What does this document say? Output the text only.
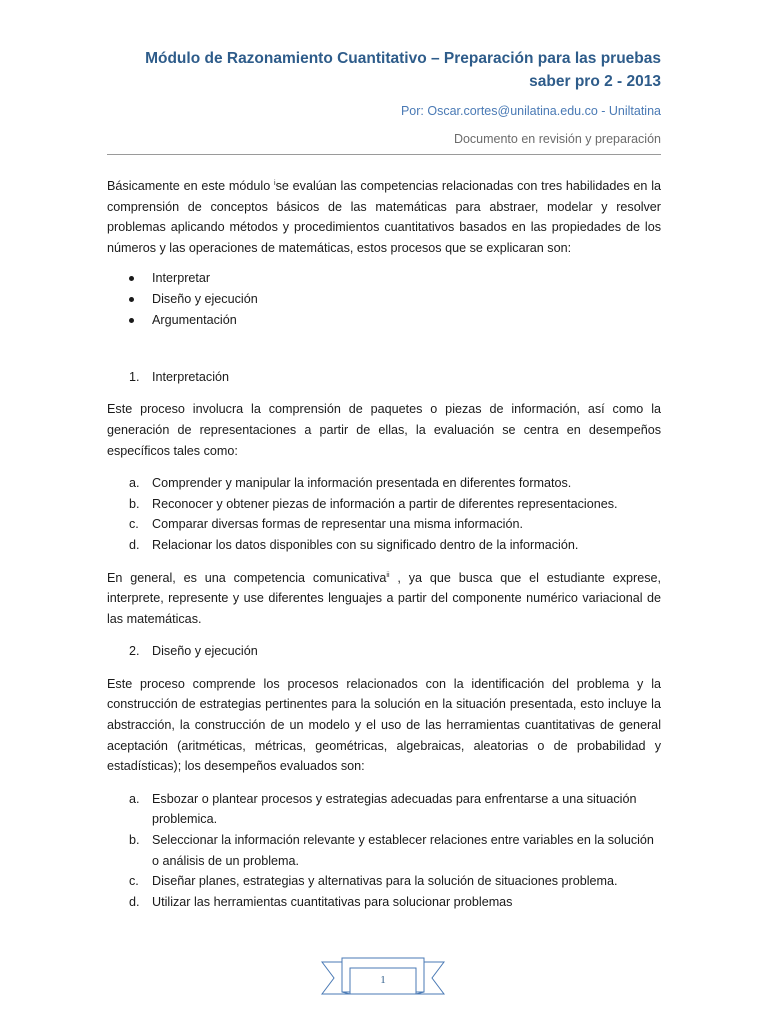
Módulo de Razonamiento Cuantitativo – Preparación para las pruebas
saber pro 2 - 2013
Por: Oscar.cortes@unilatina.edu.co - Uniltatina
Documento en revisión y preparación

Básicamente en este módulo $^i$se evalúan las competencias relacionadas con tres habilidades en la comprensión de conceptos básicos de las matemáticas para abstraer, modelar y resolver problemas aplicando métodos y procedimientos cuantitativos basados en las propiedades de los números y las operaciones de matemáticas, estos procesos que se explicaran son:

Interpretar
Diseño y ejecución
Argumentación

1. Interpretación

Este proceso involucra la comprensión de paquetes o piezas de información, así como la generación de representaciones a partir de ellas, la evaluación se centra en desempeños específicos tales como:

a. Comprender y manipular la información presentada en diferentes formatos.
b. Reconocer y obtener piezas de información a partir de diferentes representaciones.
c. Comparar diversas formas de representar una misma información.
d. Relacionar los datos disponibles con su significado dentro de la información.

En general, es una competencia comunicativa$^{ii}$ , ya que busca que el estudiante exprese, interprete, represente y use diferentes lenguajes a partir del componente numérico variacional de las matemáticas.

2. Diseño y ejecución

Este proceso comprende los procesos relacionados con la identificación del problema y la construcción de estrategias pertinentes para la solución en la situación presentada, esto incluye la abstracción, la construcción de un modelo y el uso de las herramientas cuantitativas de general aceptación (aritméticas, métricas, geométricas, algebraicas, aleatorias o de probabilidad y estadísticas); los desempeños evaluados son:

a. Esbozar o plantear procesos y estrategias adecuadas para enfrentarse a una situación problemica.
b. Seleccionar la información relevante y establecer relaciones entre variables en la solución o análisis de un problema.
c. Diseñar planes, estrategias y alternativas para la solución de situaciones problema.
d. Utilizar las herramientas cuantitativas para solucionar problemas
1
